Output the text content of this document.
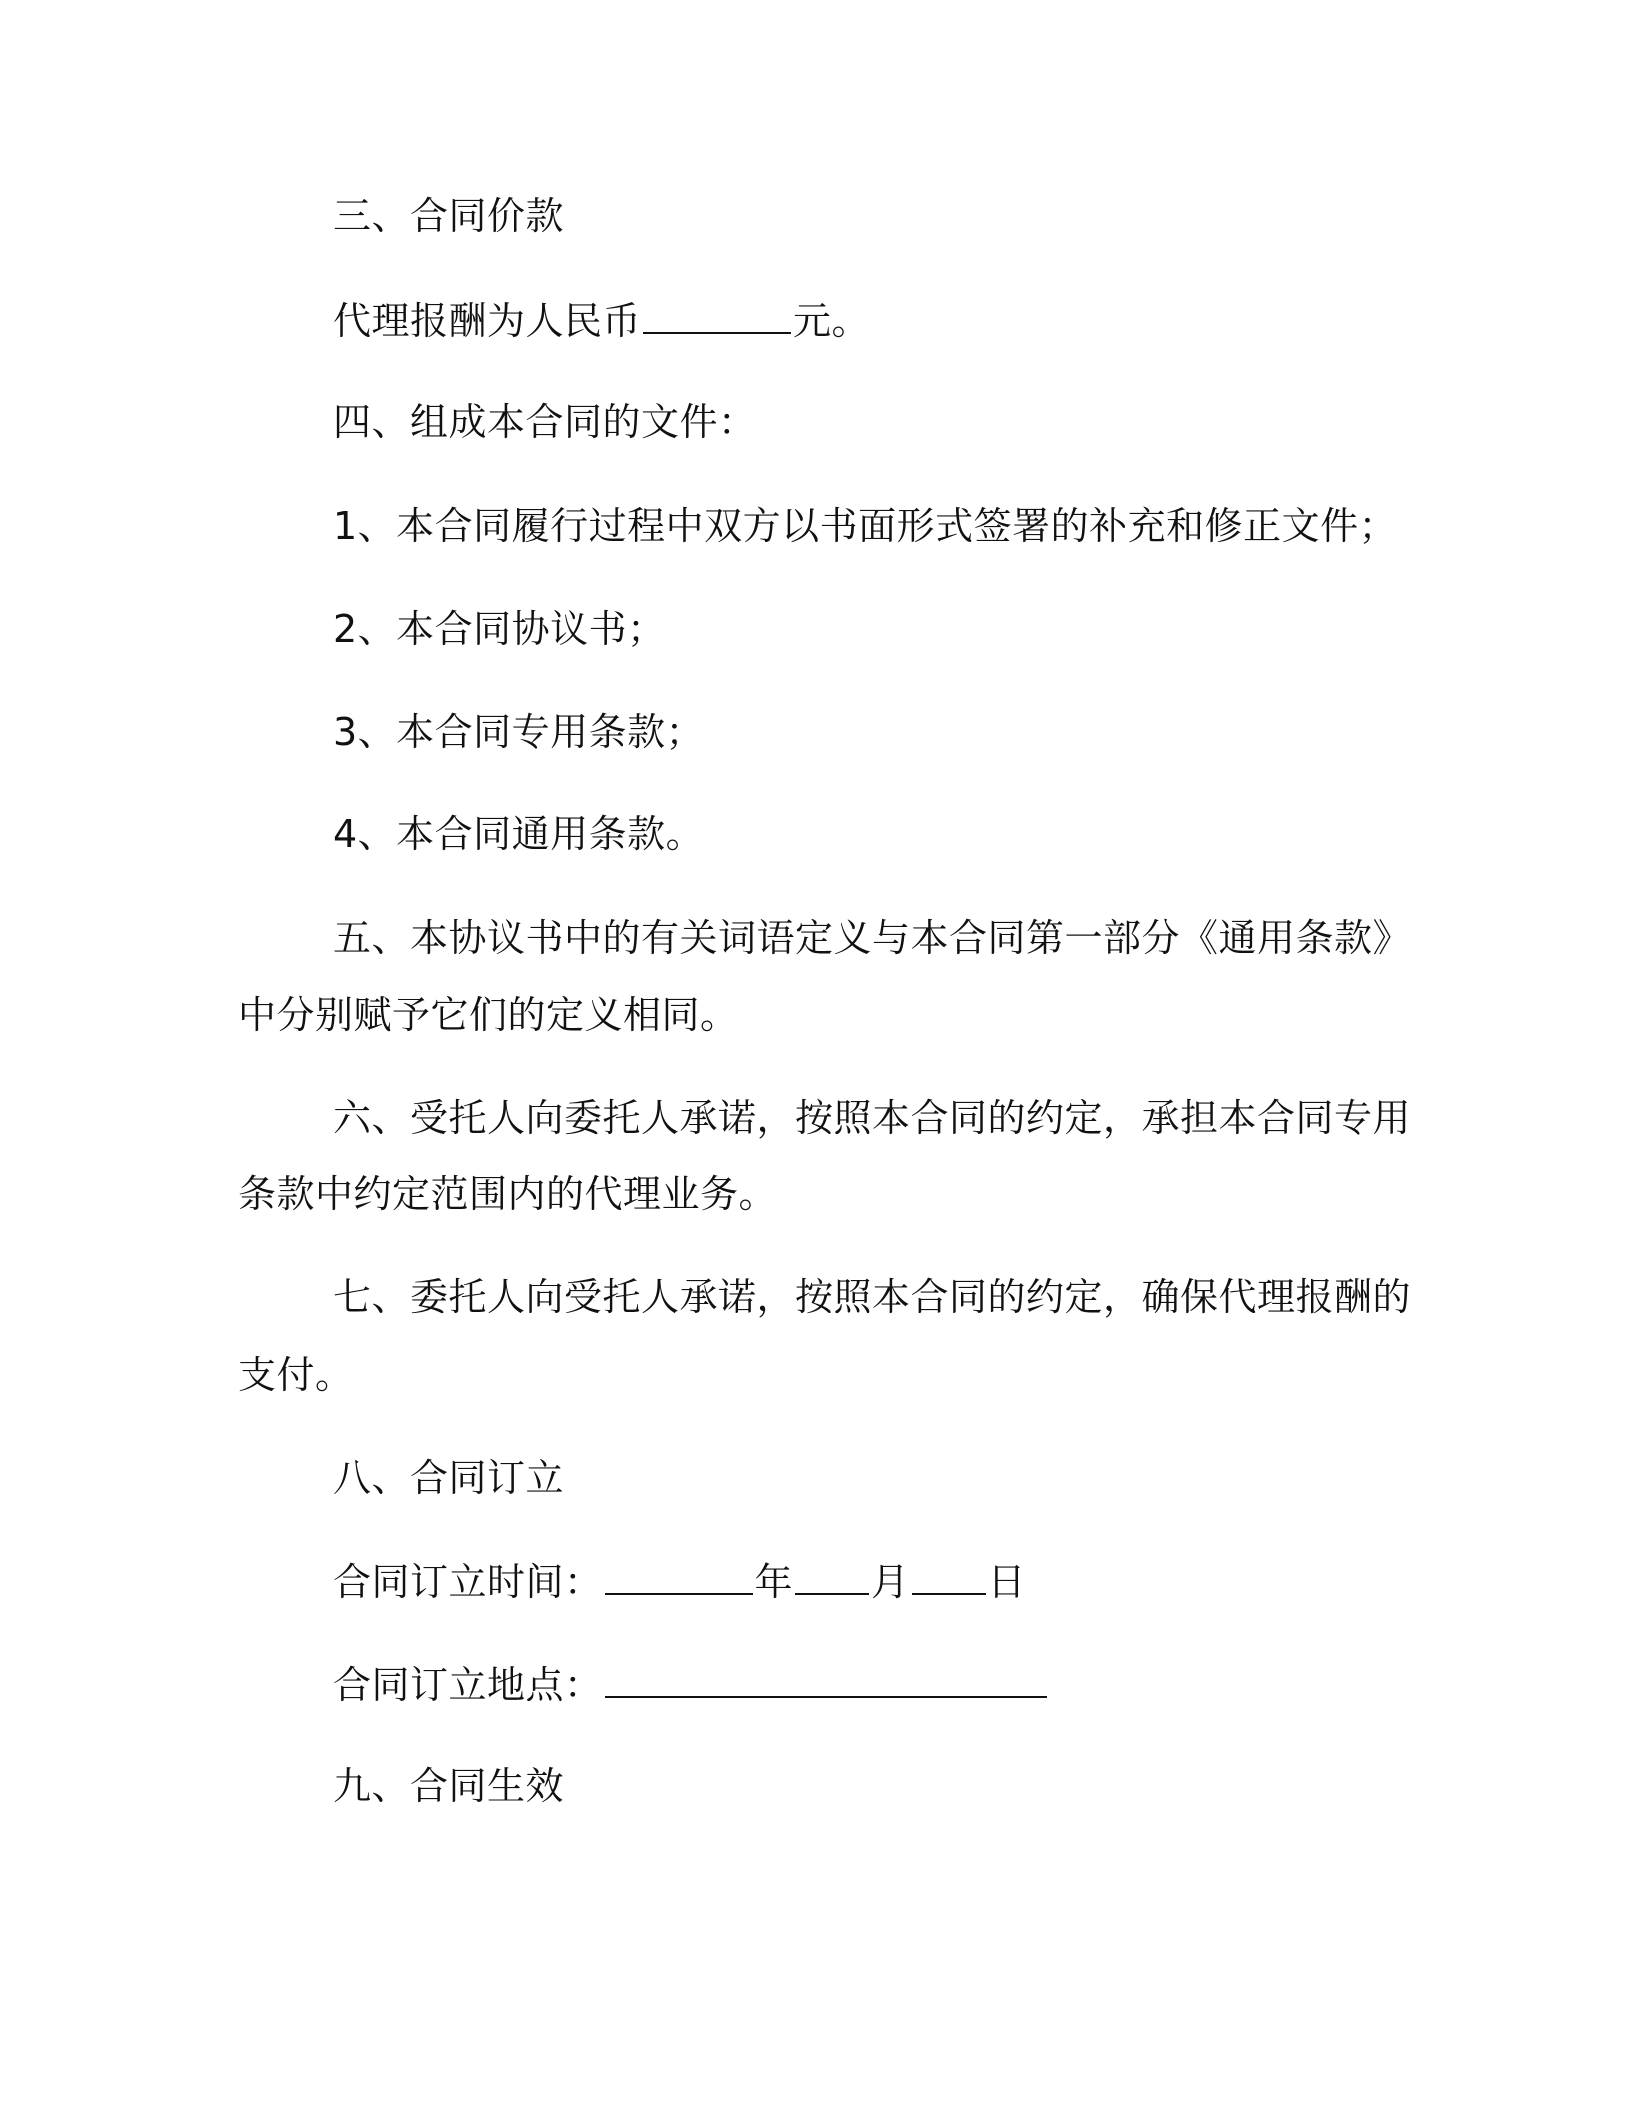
三、合同价款
代理报酬为人民币	元。
四、组成本合同的文件：
1、本合同履行过程中双方以书面形式签署的补充和修正文件；
2、本合同协议书；
3、本合同专用条款；
4、本合同通用条款。
五、本协议书中的有关词语定义与本合同第一部分《通用条款》
中分别赋予它们的定义相同。
六、受托人向委托人承诺，按照本合同的约定，承担本合同专用
条款中约定范围内的代理业务。
七、委托人向受托人承诺，按照本合同的约定，确保代理报酬的
支付。
八、合同订立
合同订立时间：	年 月 日
合同订立地点：
九、合同生效
